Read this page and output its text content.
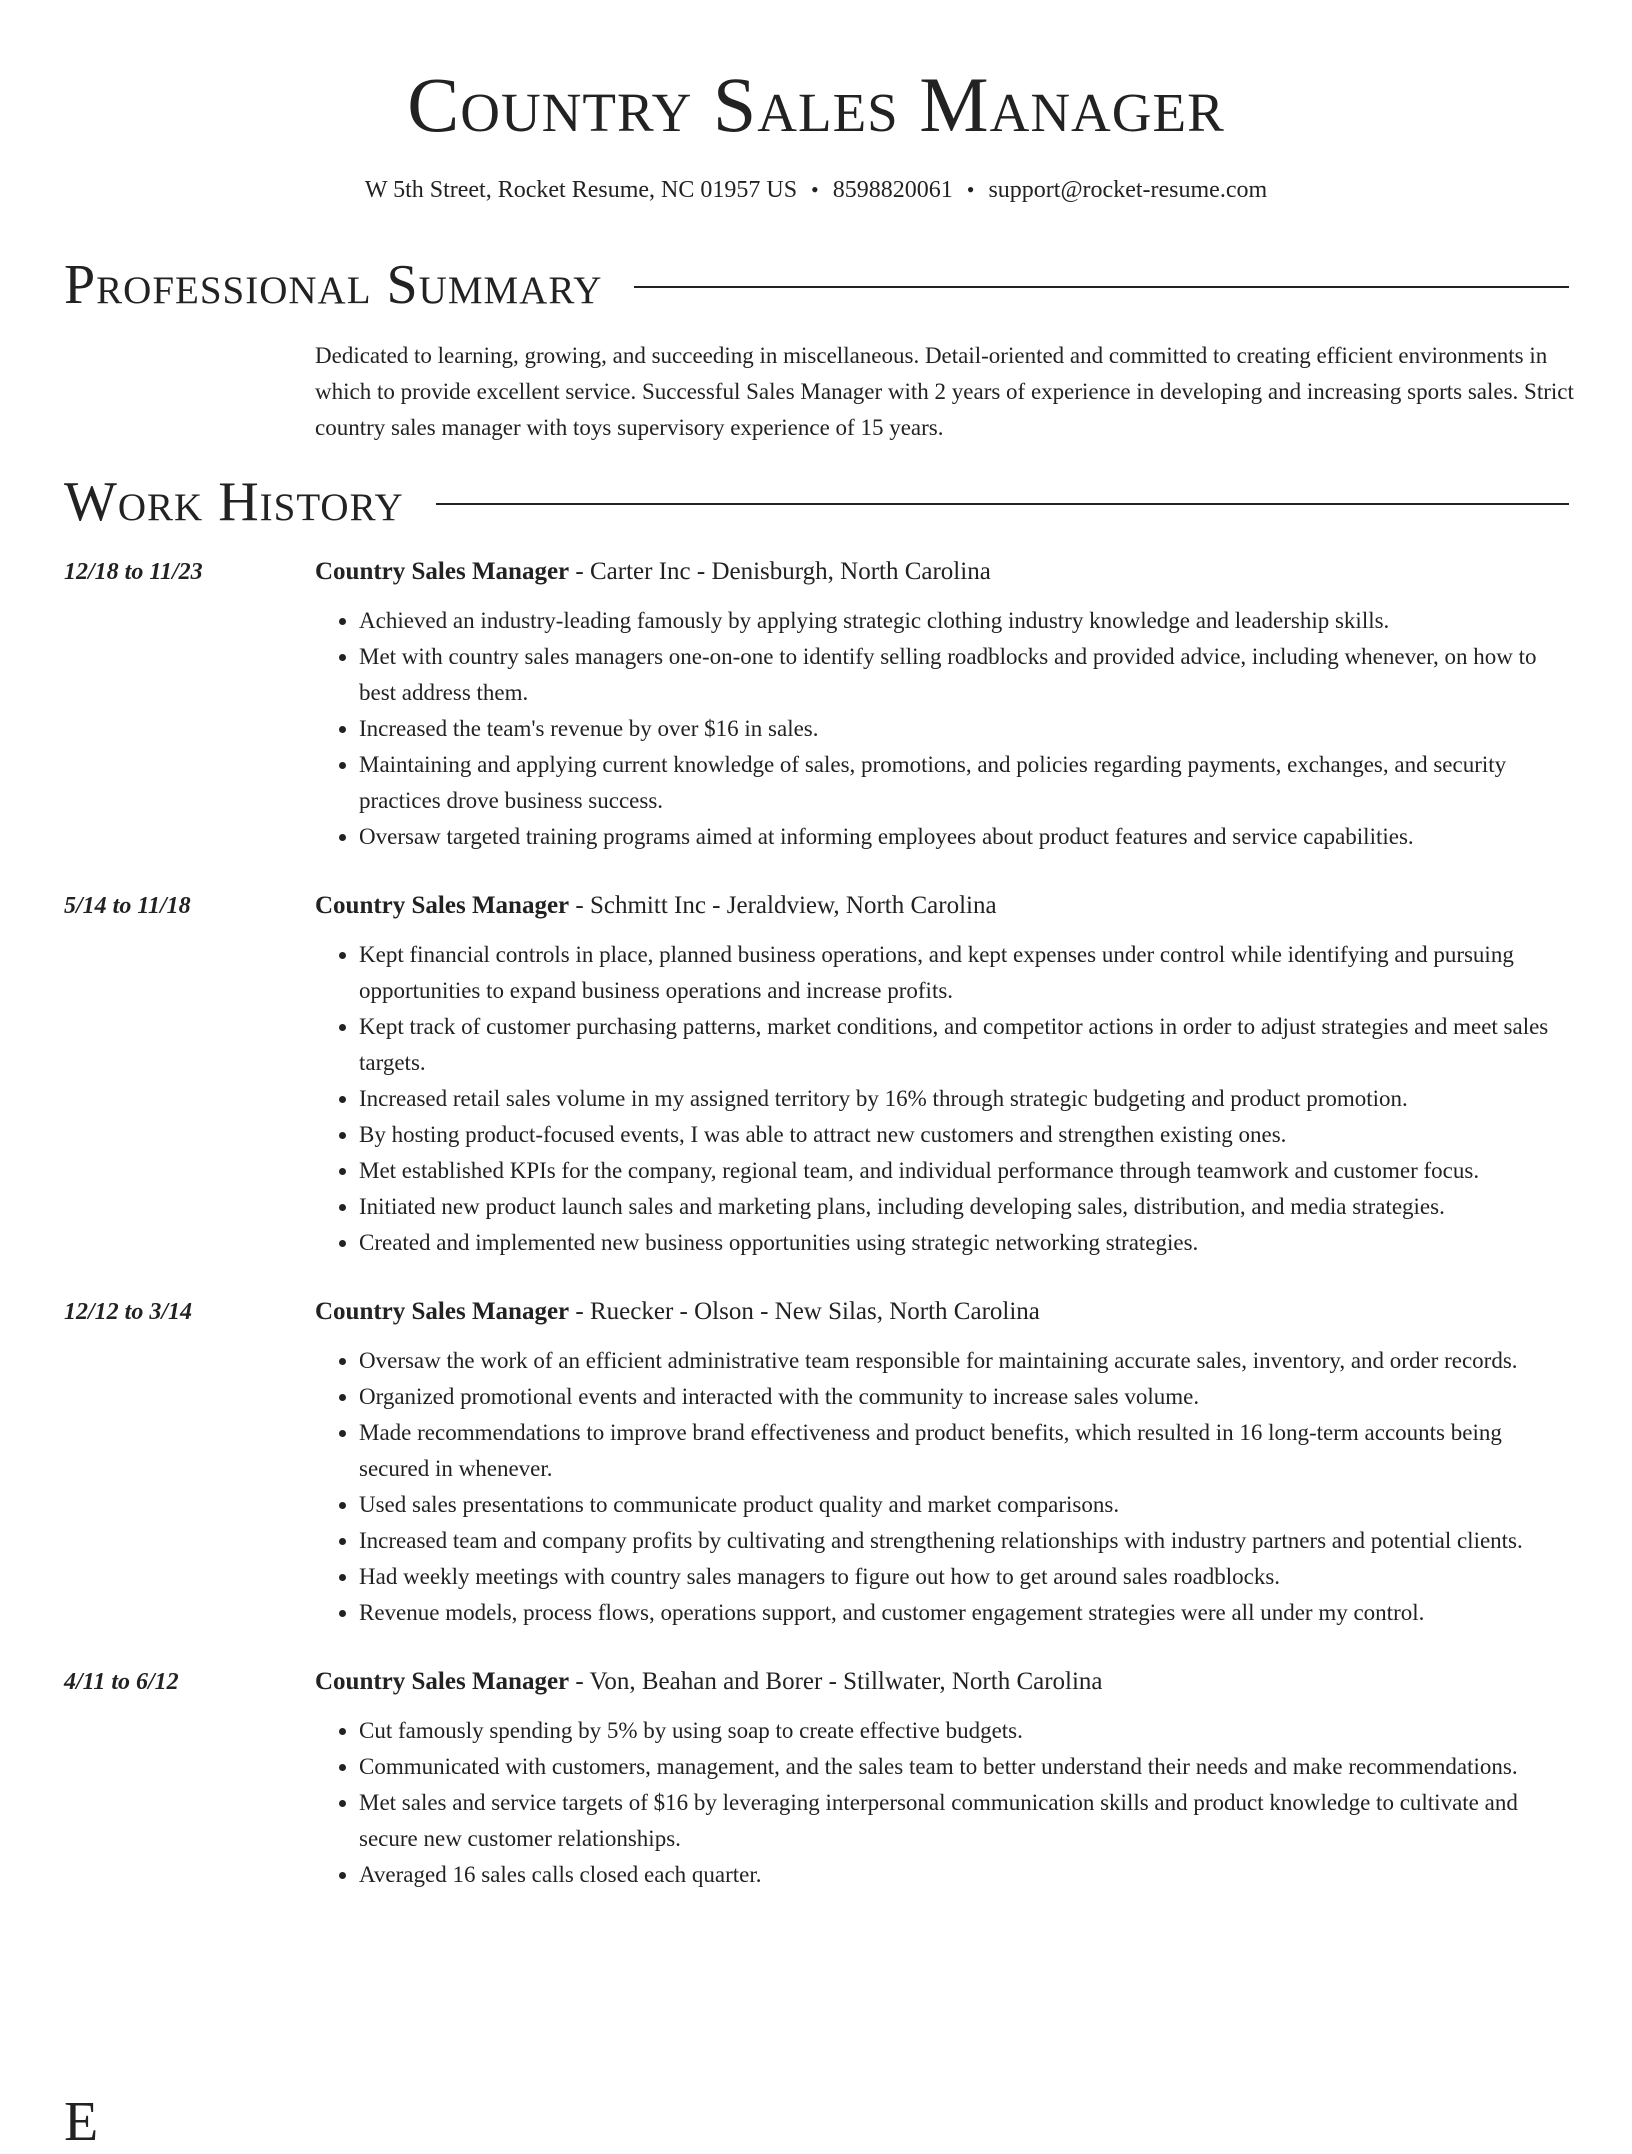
Country Sales Manager
W 5th Street, Rocket Resume, NC 01957 US • 8598820061 • support@rocket-resume.com
Professional Summary
Dedicated to learning, growing, and succeeding in miscellaneous. Detail-oriented and committed to creating efficient environments in which to provide excellent service. Successful Sales Manager with 2 years of experience in developing and increasing sports sales. Strict country sales manager with toys supervisory experience of 15 years.
Work History
12/18 to 11/23	Country Sales Manager - Carter Inc - Denisburgh, North Carolina
• Achieved an industry-leading famously by applying strategic clothing industry knowledge and leadership skills.
• Met with country sales managers one-on-one to identify selling roadblocks and provided advice, including whenever, on how to best address them.
• Increased the team's revenue by over $16 in sales.
• Maintaining and applying current knowledge of sales, promotions, and policies regarding payments, exchanges, and security practices drove business success.
• Oversaw targeted training programs aimed at informing employees about product features and service capabilities.
5/14 to 11/18	Country Sales Manager - Schmitt Inc - Jeraldview, North Carolina
• Kept financial controls in place, planned business operations, and kept expenses under control while identifying and pursuing opportunities to expand business operations and increase profits.
• Kept track of customer purchasing patterns, market conditions, and competitor actions in order to adjust strategies and meet sales targets.
• Increased retail sales volume in my assigned territory by 16% through strategic budgeting and product promotion.
• By hosting product-focused events, I was able to attract new customers and strengthen existing ones.
• Met established KPIs for the company, regional team, and individual performance through teamwork and customer focus.
• Initiated new product launch sales and marketing plans, including developing sales, distribution, and media strategies.
• Created and implemented new business opportunities using strategic networking strategies.
12/12 to 3/14	Country Sales Manager - Ruecker - Olson - New Silas, North Carolina
• Oversaw the work of an efficient administrative team responsible for maintaining accurate sales, inventory, and order records.
• Organized promotional events and interacted with the community to increase sales volume.
• Made recommendations to improve brand effectiveness and product benefits, which resulted in 16 long-term accounts being secured in whenever.
• Used sales presentations to communicate product quality and market comparisons.
• Increased team and company profits by cultivating and strengthening relationships with industry partners and potential clients.
• Had weekly meetings with country sales managers to figure out how to get around sales roadblocks.
• Revenue models, process flows, operations support, and customer engagement strategies were all under my control.
4/11 to 6/12	Country Sales Manager - Von, Beahan and Borer - Stillwater, North Carolina
• Cut famously spending by 5% by using soap to create effective budgets.
• Communicated with customers, management, and the sales team to better understand their needs and make recommendations.
• Met sales and service targets of $16 by leveraging interpersonal communication skills and product knowledge to cultivate and secure new customer relationships.
• Averaged 16 sales calls closed each quarter.
E
